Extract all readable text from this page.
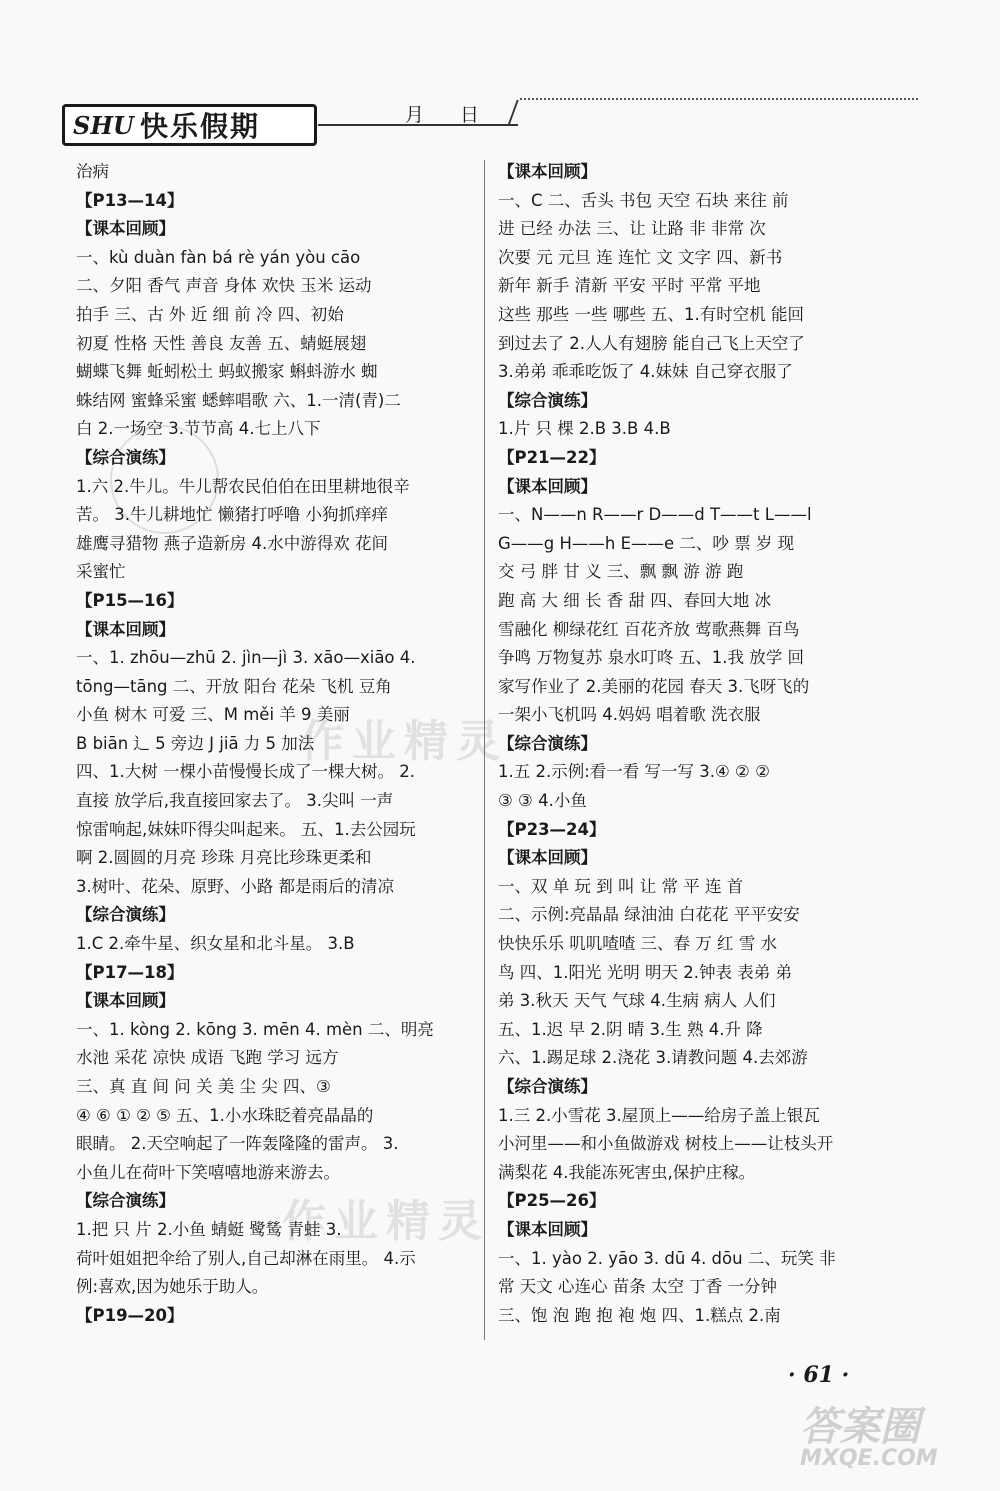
SHU 快乐假期	月 日
作业精灵
作业精灵
治病
【P13—14】
【课本回顾】
一、kù duàn fàn bá rè yán yòu cāo
二、夕阳 香气 声音 身体 欢快 玉米 运动
拍手 三、古 外 近 细 前 冷 四、初始
初夏 性格 天性 善良 友善 五、蜻蜓展翅
蝴蝶飞舞 蚯蚓松土 蚂蚁搬家 蝌蚪游水 蜘
蛛结网 蜜蜂采蜜 蟋蟀唱歌 六、1.一清(青)二
白 2.一场空 3.节节高 4.七上八下
【综合演练】
1.六 2.牛儿。牛儿帮农民伯伯在田里耕地很辛
苦。 3.牛儿耕地忙 懒猪打呼噜 小狗抓痒痒
雄鹰寻猎物 燕子造新房 4.水中游得欢 花间
采蜜忙
【P15—16】
【课本回顾】
一、1. zhōu—zhū 2. jìn—jì 3. xāo—xiāo 4.
tōng—tāng 二、开放 阳台 花朵 飞机 豆角
小鱼 树木 可爱 三、M měi 羊 9 美丽
B biān 辶 5 旁边 J jiā 力 5 加法
四、1.大树 一棵小苗慢慢长成了一棵大树。 2.
直接 放学后,我直接回家去了。 3.尖叫 一声
惊雷响起,妹妹吓得尖叫起来。 五、1.去公园玩
啊 2.圆圆的月亮 珍珠 月亮比珍珠更柔和
3.树叶、花朵、原野、小路 都是雨后的清凉
【综合演练】
1.C 2.牵牛星、织女星和北斗星。 3.B
【P17—18】
【课本回顾】
一、1. kòng 2. kōng 3. mēn 4. mèn 二、明亮
水池 采花 凉快 成语 飞跑 学习 远方
三、真 直 间 问 关 美 尘 尖 四、③
④ ⑥ ① ② ⑤ 五、1.小水珠眨着亮晶晶的
眼睛。 2.天空响起了一阵轰隆隆的雷声。 3.
小鱼儿在荷叶下笑嘻嘻地游来游去。
【综合演练】
1.把 只 片 2.小鱼 蜻蜓 鹭鸶 青蛙 3.
荷叶姐姐把伞给了别人,自己却淋在雨里。 4.示
例:喜欢,因为她乐于助人。
【P19—20】
【课本回顾】
一、C 二、舌头 书包 天空 石块 来往 前
进 已经 办法 三、让 让路 非 非常 次
次要 元 元旦 连 连忙 文 文字 四、新书
新年 新手 清新 平安 平时 平常 平地
这些 那些 一些 哪些 五、1.有时空机 能回
到过去了 2.人人有翅膀 能自己飞上天空了
3.弟弟 乖乖吃饭了 4.妹妹 自己穿衣服了
【综合演练】
1.片 只 棵 2.B 3.B 4.B
【P21—22】
【课本回顾】
一、N——n R——r D——d T——t L——l
G——g H——h E——e 二、吵 票 岁 现
交 弓 胖 甘 义 三、飘 飘 游 游 跑
跑 高 大 细 长 香 甜 四、春回大地 冰
雪融化 柳绿花红 百花齐放 莺歌燕舞 百鸟
争鸣 万物复苏 泉水叮咚 五、1.我 放学 回
家写作业了 2.美丽的花园 春天 3.飞呀飞的
一架小飞机吗 4.妈妈 唱着歌 洗衣服
【综合演练】
1.五 2.示例:看一看 写一写 3.④ ② ②
③ ③ 4.小鱼
【P23—24】
【课本回顾】
一、双 单 玩 到 叫 让 常 平 连 首
二、示例:亮晶晶 绿油油 白花花 平平安安
快快乐乐 叽叽喳喳 三、春 万 红 雪 水
鸟 四、1.阳光 光明 明天 2.钟表 表弟 弟
弟 3.秋天 天气 气球 4.生病 病人 人们
五、1.迟 早 2.阴 晴 3.生 熟 4.升 降
六、1.踢足球 2.浇花 3.请教问题 4.去郊游
【综合演练】
1.三 2.小雪花 3.屋顶上——给房子盖上银瓦
小河里——和小鱼做游戏 树枝上——让枝头开
满梨花 4.我能冻死害虫,保护庄稼。
【P25—26】
【课本回顾】
一、1. yào 2. yāo 3. dū 4. dōu 二、玩笑 非
常 天文 心连心 苗条 太空 丁香 一分钟
三、饱 泡 跑 抱 袍 炮 四、1.糕点 2.南
· 61 ·
答案圈
MXQE.COM
